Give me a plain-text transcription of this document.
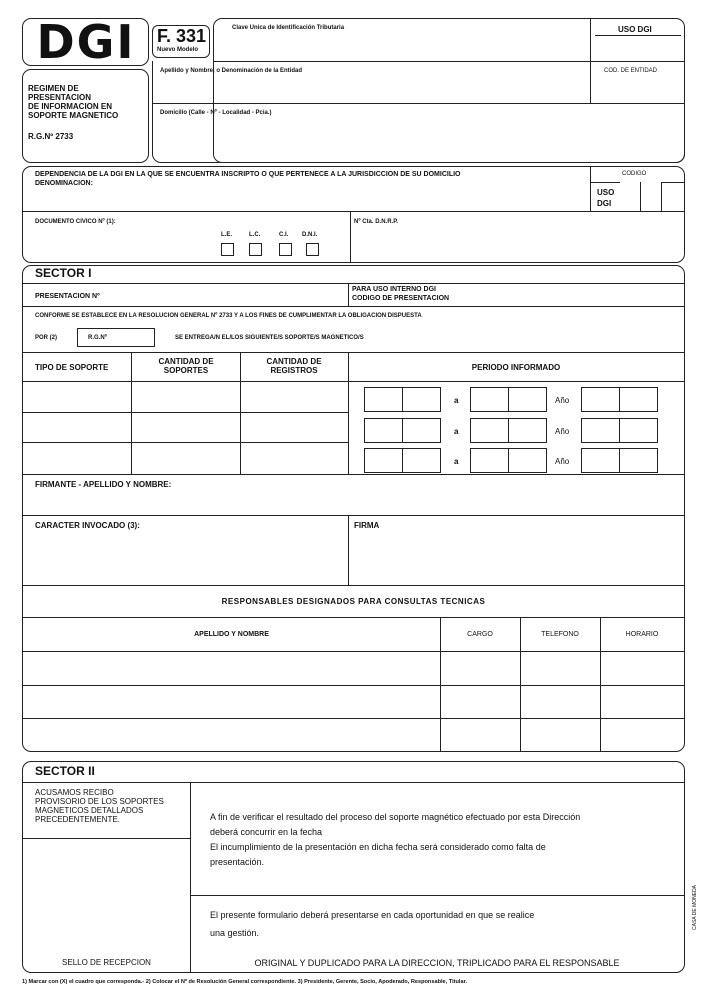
DGI	F. 331
Nuevo Modelo
REGIMEN DE
PRESENTACION
DE INFORMACION EN
SOPORTE MAGNETICO
R.G.Nº 2733
Clave Unica de Identificación Tributaria	USO DGI
Apellido y Nombre, o Denominación de la Entidad	COD. DE ENTIDAD
Domicilio (Calle - Nº - Localidad - Pcia.)
DEPENDENCIA DE LA DGI EN LA QUE SE ENCUENTRA INSCRIPTO O QUE PERTENECE A LA JURISDICCION DE SU DOMICILIO
DENOMINACION:
CODIGO
USO
DGI
DOCUMENTO CIVICO Nº (1):	Nº Cta. D.N.R.P.
L.E.	L.C.	C.I. D.N.I.
SECTOR I
PRESENTACION Nº
PARA USO INTERNO DGI
CODIGO DE PRESENTACION
CONFORME SE ESTABLECE EN LA RESOLUCION GENERAL Nº 2733 Y A LOS FINES DE CUMPLIMENTAR LA OBLIGACION DISPUESTA
POR (2)	R.G.Nº	SE ENTREGA/N EL/LOS SIGUIENTE/S SOPORTE/S MAGNETICO/S
TIPO DE SOPORTE
CANTIDAD DE
SOPORTES
CANTIDAD DE
REGISTROS	PERIODO INFORMADO
a	Año
a	Año
a	Año
FIRMANTE - APELLIDO Y NOMBRE:
CARACTER INVOCADO (3):	FIRMA
RESPONSABLES DESIGNADOS PARA CONSULTAS TECNICAS
APELLIDO Y NOMBRE	CARGO	TELEFONO	HORARIO
SECTOR II
ACUSAMOS RECIBO
PROVISORIO DE LOS SOPORTES
MAGNETICOS DETALLADOS
PRECEDENTEMENTE.
SELLO DE RECEPCION
A fin de verificar el resultado del proceso del soporte magnético efectuado por esta Dirección
deberá concurrir en la fecha
El incumplimiento de la presentación en dicha fecha será considerado como falta de
presentación.
El presente formulario deberá presentarse en cada oportunidad en que se realice
una gestión.
ORIGINAL Y DUPLICADO PARA LA DIRECCION, TRIPLICADO PARA EL RESPONSABLE
1) Marcar con (X) el cuadro que corresponda.- 2) Colocar el Nº de Resolución General correspondiente. 3) Presidente, Gerente, Socio, Apoderado, Responsable, Titular.
CASA DE MONEDA
